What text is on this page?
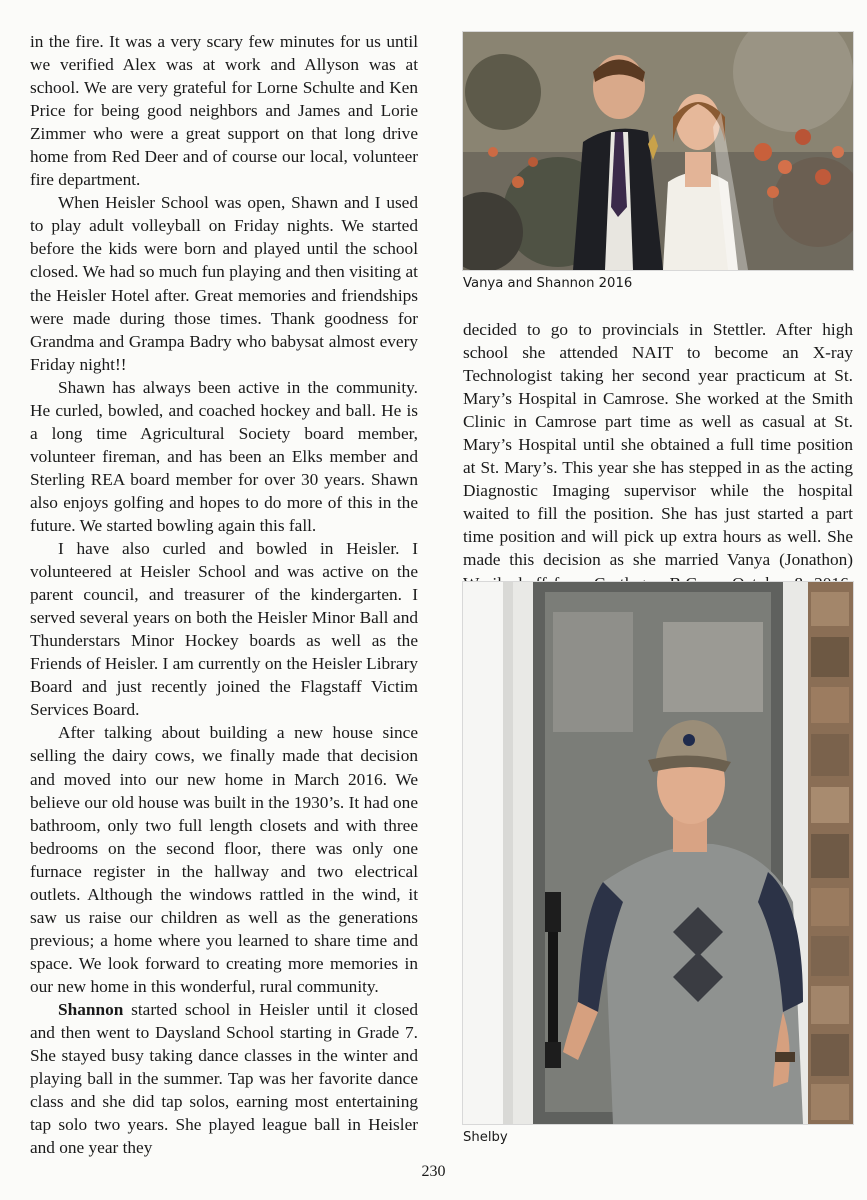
in the fire. It was a very scary few minutes for us until we verified Alex was at work and Allyson was at school. We are very grateful for Lorne Schulte and Ken Price for being good neighbors and James and Lorie Zimmer who were a great support on that long drive home from Red Deer and of course our local, volunteer fire department.

When Heisler School was open, Shawn and I used to play adult volleyball on Friday nights. We started before the kids were born and played until the school closed. We had so much fun playing and then visiting at the Heisler Hotel after. Great memories and friendships were made during those times. Thank goodness for Grandma and Grampa Badry who babysat almost every Friday night!!

Shawn has always been active in the community. He curled, bowled, and coached hockey and ball. He is a long time Agricultural Society board member, volunteer fireman, and has been an Elks member and Sterling REA board member for over 30 years. Shawn also enjoys golfing and hopes to do more of this in the future. We started bowling again this fall.

I have also curled and bowled in Heisler. I volunteered at Heisler School and was active on the parent council, and treasurer of the kindergarten. I served several years on both the Heisler Minor Ball and Thunderstars Minor Hockey boards as well as the Friends of Heisler. I am currently on the Heisler Library Board and just recently joined the Flagstaff Victim Services Board.

After talking about building a new house since selling the dairy cows, we finally made that decision and moved into our new home in March 2016. We believe our old house was built in the 1930’s. It had one bathroom, only two full length closets and with three bedrooms on the second floor, there was only one furnace register in the hallway and two electrical outlets. Although the windows rattled in the wind, it saw us raise our children as well as the generations previous; a home where you learned to share time and space. We look forward to creating more memories in our new home in this wonderful, rural community.

Shannon started school in Heisler until it closed and then went to Daysland School starting in Grade 7. She stayed busy taking dance classes in the winter and playing ball in the summer. Tap was her favorite dance class and she did tap solos, earning most entertaining tap solo two years. She played league ball in Heisler and one year they

Vanya and Shannon 2016

decided to go to provincials in Stettler. After high school she attended NAIT to become an X-ray Technologist taking her second year practicum at St. Mary’s Hospital in Camrose. She worked at the Smith Clinic in Camrose part time as well as casual at St. Mary’s Hospital until she obtained a full time position at St. Mary’s. This year she has stepped in as the acting Diagnostic Imaging supervisor while the hospital waited to fill the position. She has just started a part time position and will pick up extra hours as well. She made this decision as she married Vanya (Jonathon)

Shelby
230
